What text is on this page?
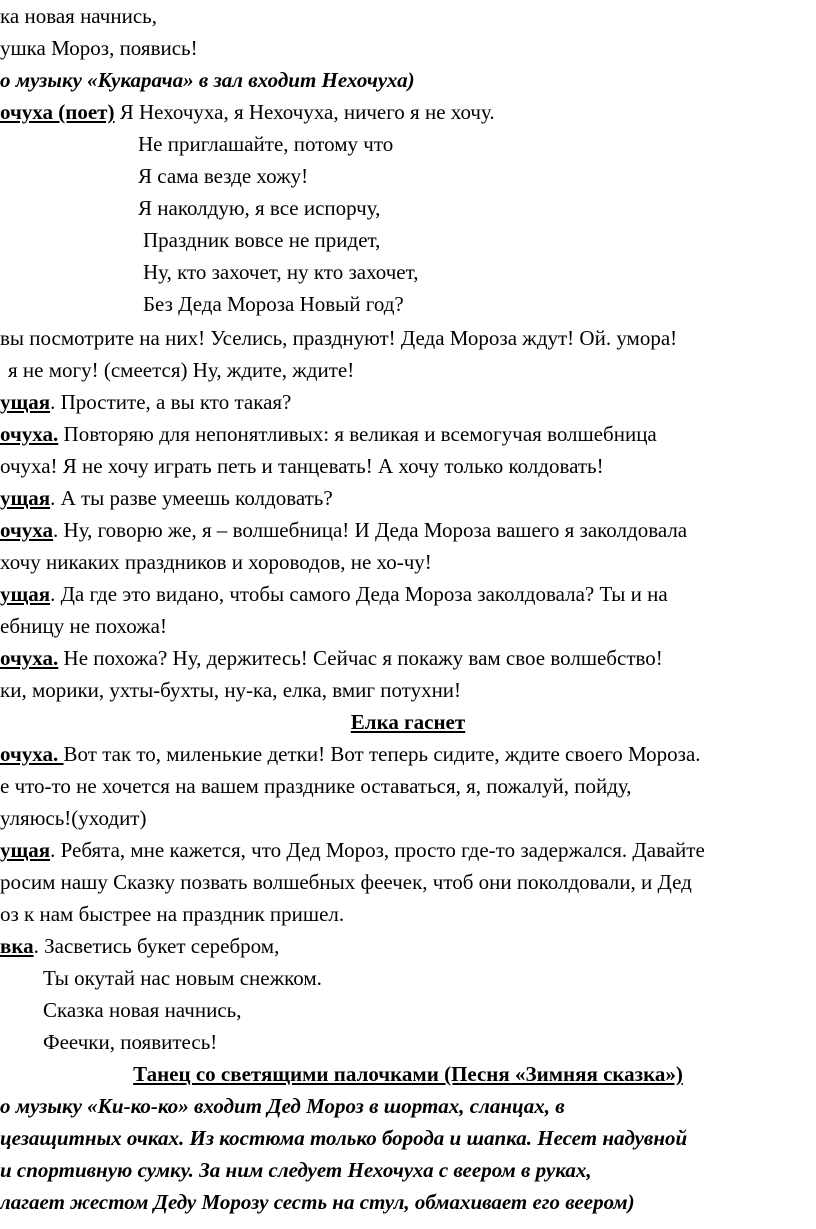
ка новая начнись,
ушка Мороз, появись!
о музыку «Кукарача» в зал входит Нехочуха)
очуха (поет) Я Нехочуха, я Нехочуха, ничего я не хочу.
Не приглашайте, потому что
Я сама везде хожу!
Я наколдую, я все испорчу,
Праздник вовсе не придет,
Ну, кто захочет, ну кто захочет,
Без Деда Мороза Новый год?
вы посмотрите на них! Уселись, празднуют! Деда Мороза ждут! Ой. умора!
я не могу! (смеется) Ну, ждите, ждите!
ущая. Простите, а вы кто такая?
очуха. Повторяю для непонятливых: я великая и всемогучая волшебница
очуха! Я не хочу играть петь и танцевать! А хочу только колдовать!
ущая. А ты разве умеешь колдовать?
очуха. Ну, говорю же, я – волшебница! И Деда Мороза вашего я заколдовала
хочу никаких праздников и хороводов, не хо-чу!
ущая. Да где это видано, чтобы самого Деда Мороза заколдовала? Ты и на
ебницу не похожа!
очуха. Не похожа? Ну, держитесь! Сейчас я покажу вам свое волшебство!
ки, морики, ухты-бухты, ну-ка, елка, вмиг потухни!
Елка гаснет
очуха. Вот так то, миленькие детки! Вот теперь сидите, ждите своего Мороза.
е что-то не хочется на вашем празднике оставаться, я, пожалуй, пойду,
уляюсь!(уходит)
ущая. Ребята, мне кажется, что Дед Мороз, просто где-то задержался. Давайте
росим нашу Сказку позвать волшебных феечек, чтоб они поколдовали, и Дед
оз к нам быстрее на праздник пришел.
вка. Засветись букет серебром,
Ты окутай нас новым снежком.
Сказка новая начнись,
Феечки, появитесь!
Танец со светящими палочками (Песня «Зимняя сказка»)
о музыку «Ки-ко-ко» входит Дед Мороз в шортах, сланцах, в
цезащитных очках. Из костюма только борода и шапка. Несет надувной
и спортивную сумку. За ним следует Нехочуха с веером в руках,
лагает жестом Деду Морозу сесть на стул, обмахивает его веером)
